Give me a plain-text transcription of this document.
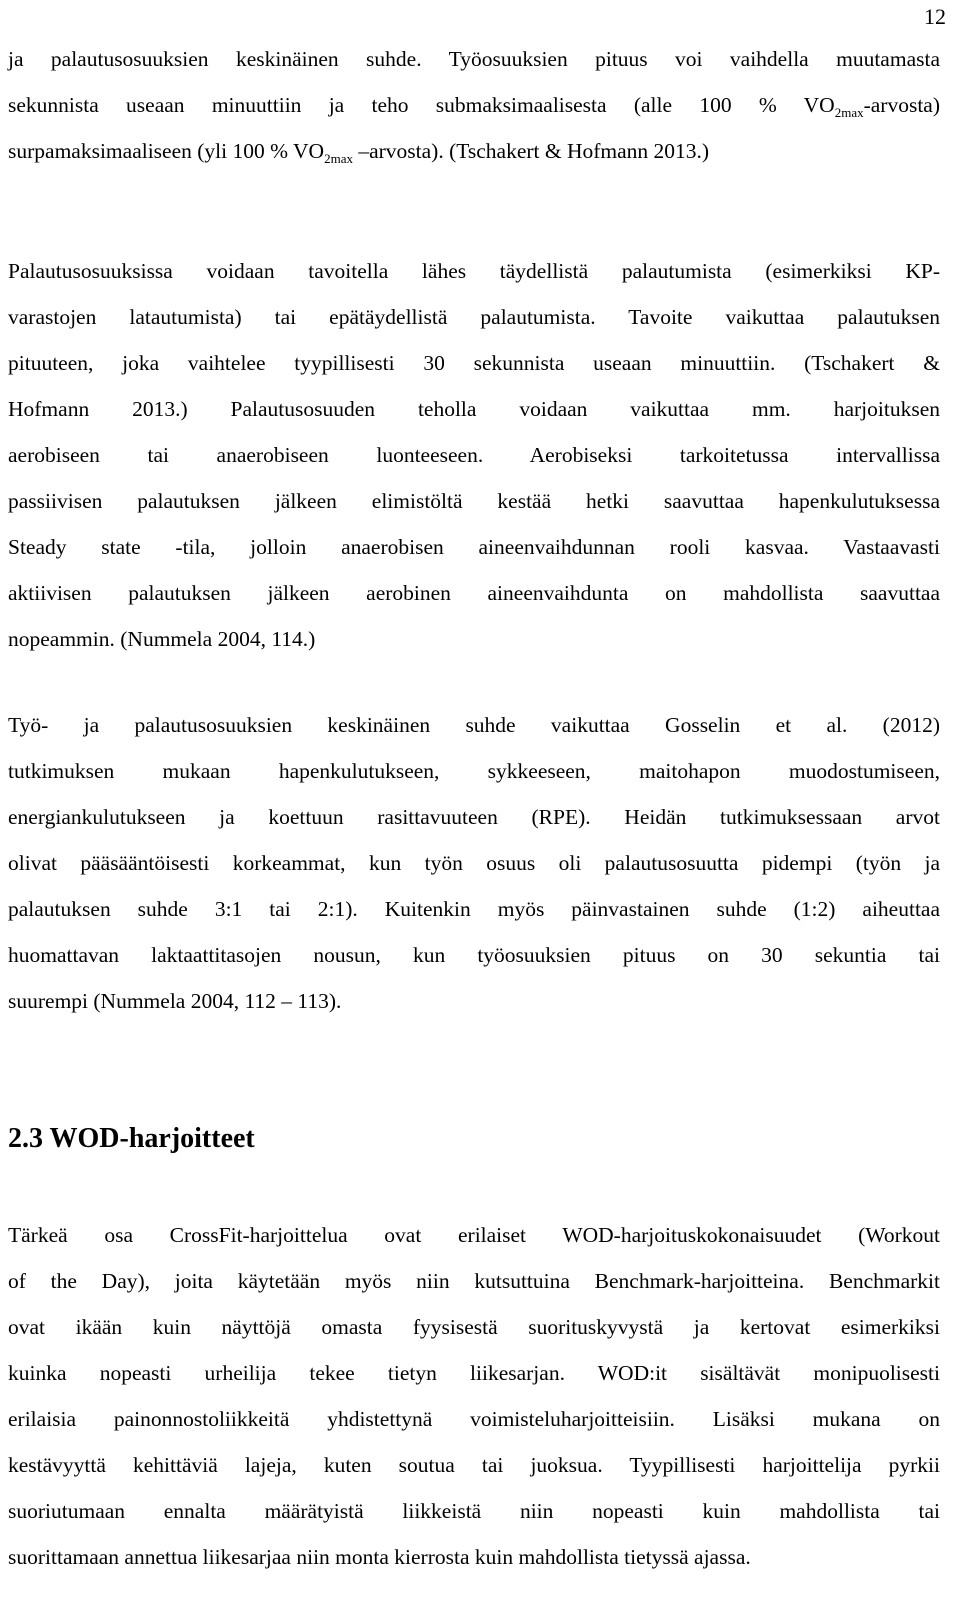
12
ja palautusosuuksien keskinäinen suhde. Työosuuksien pituus voi vaihdella muutamasta
sekunnista useaan minuuttiin ja teho submaksimaalisesta (alle 100 % $VO_{2max}-arvosta$)
surpamaksimaaliseen (yli 100 % $VO_{2max}$ –arvosta). (Tschakert & Hofmann 2013.)
Palautusosuuksissa voidaan tavoitella lähes täydellistä palautumista (esimerkiksi KP-
varastojen latautumista) tai epätäydellistä palautumista. Tavoite vaikuttaa palautuksen
pituuteen, joka vaihtelee tyypillisesti 30 sekunnista useaan minuuttiin. (Tschakert &
Hofmann 2013.) Palautusosuuden teholla voidaan vaikuttaa mm. harjoituksen
aerobiseen tai anaerobiseen luonteeseen. Aerobiseksi tarkoitetussa intervallissa
passiivisen palautuksen jälkeen elimistöltä kestää hetki saavuttaa hapenkulutuksessa
Steady state -tila, jolloin anaerobisen aineenvaihdunnan rooli kasvaa. Vastaavasti
aktiivisen palautuksen jälkeen aerobinen aineenvaihdunta on mahdollista saavuttaa
nopeammin. (Nummela 2004, 114.)
Työ- ja palautusosuuksien keskinäinen suhde vaikuttaa Gosselin et al. (2012)
tutkimuksen mukaan hapenkulutukseen, sykkeeseen, maitohapon muodostumiseen,
energiankulutukseen ja koettuun rasittavuuteen (RPE). Heidän tutkimuksessaan arvot
olivat pääsääntöisesti korkeammat, kun työn osuus oli palautusosuutta pidempi (työn ja
palautuksen suhde 3:1 tai 2:1). Kuitenkin myös päinvastainen suhde (1:2) aiheuttaa
huomattavan laktaattitasojen nousun, kun työosuuksien pituus on 30 sekuntia tai
suurempi (Nummela 2004, 112 – 113).
2.3 WOD-harjoitteet
Tärkeä osa CrossFit-harjoittelua ovat erilaiset WOD-harjoituskokonaisuudet (Workout
of the Day), joita käytetään myös niin kutsuttuina Benchmark-harjoitteina. Benchmarkit
ovat ikään kuin näyttöjä omasta fyysisestä suorituskyvystä ja kertovat esimerkiksi
kuinka nopeasti urheilija tekee tietyn liikesarjan. WOD:it sisältävät monipuolisesti
erilaisia painonnostoliikkeitä yhdistettynä voimisteluharjoitteisiin. Lisäksi mukana on
kestävyyttä kehittäviä lajeja, kuten soutua tai juoksua. Tyypillisesti harjoittelija pyrkii
suoriutumaan ennalta määrätyistä liikkeistä niin nopeasti kuin mahdollista tai
suorittamaan annettua liikesarjaa niin monta kierrosta kuin mahdollista tietyssä ajassa.
